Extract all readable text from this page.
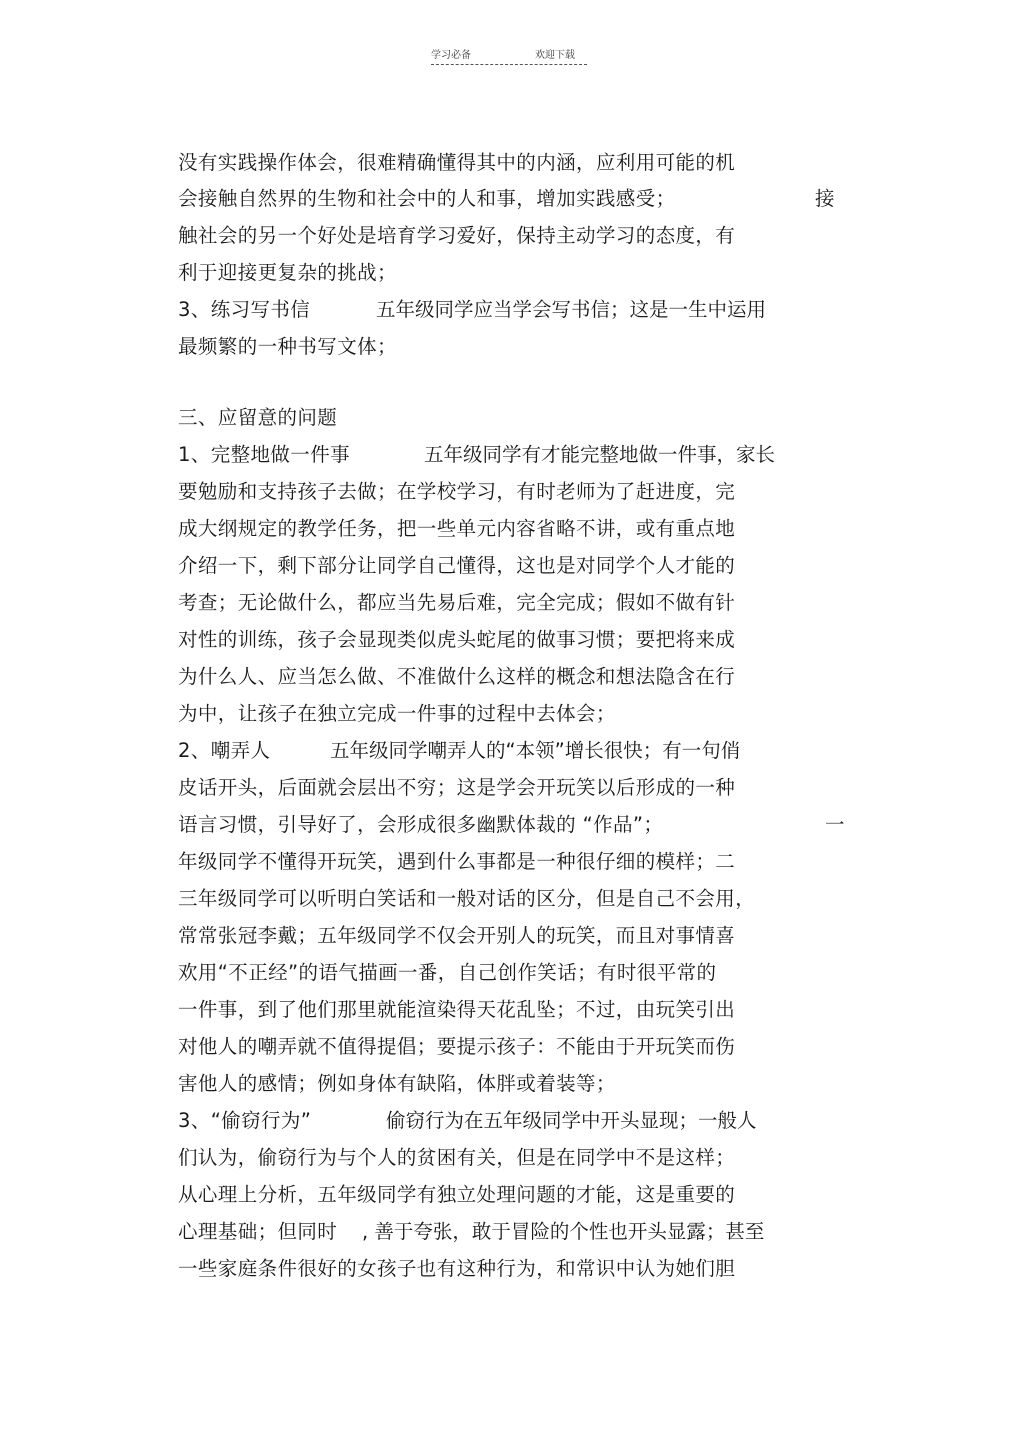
学习必备	欢迎下载
没有实践操作体会，很难精确懂得其中的内涵，应利用可能的机
会接触自然界的生物和社会中的人和事，增加实践感受；	接
触社会的另一个好处是培育学习爱好，保持主动学习的态度，有
利于迎接更复杂的挑战；
3、练习写书信	五年级同学应当学会写书信；这是一生中运用
最频繁的一种书写文体；
三、应留意的问题
1、完整地做一件事	五年级同学有才能完整地做一件事，家长
要勉励和支持孩子去做；在学校学习，有时老师为了赶进度，完
成大纲规定的教学任务，把一些单元内容省略不讲，或有重点地
介绍一下，剩下部分让同学自己懂得，这也是对同学个人才能的
考查；无论做什么，都应当先易后难，完全完成；假如不做有针
对性的训练，孩子会显现类似虎头蛇尾的做事习惯；要把将来成
为什么人、应当怎么做、不准做什么这样的概念和想法隐含在行
为中，让孩子在独立完成一件事的过程中去体会；
2、嘲弄人	五年级同学嘲弄人的“本领”增长很快；有一句俏
皮话开头，后面就会层出不穷；这是学会开玩笑以后形成的一种
语言习惯，引导好了，会形成很多幽默体裁的 “作品”；	一
年级同学不懂得开玩笑，遇到什么事都是一种很仔细的模样；二
三年级同学可以听明白笑话和一般对话的区分，但是自己不会用，
常常张冠李戴；五年级同学不仅会开别人的玩笑，而且对事情喜
欢用“不正经”的语气描画一番，自己创作笑话；有时很平常的
一件事，到了他们那里就能渲染得天花乱坠；不过，由玩笑引出
对他人的嘲弄就不值得提倡；要提示孩子：不能由于开玩笑而伤
害他人的感情；例如身体有缺陷，体胖或着装等；
3、“偷窃行为”	偷窃行为在五年级同学中开头显现；一般人
们认为，偷窃行为与个人的贫困有关，但是在同学中不是这样；
从心理上分析，五年级同学有独立处理问题的才能，这是重要的
心理基础；但同时 , 善于夸张，敢于冒险的个性也开头显露；甚至
一些家庭条件很好的女孩子也有这种行为，和常识中认为她们胆
